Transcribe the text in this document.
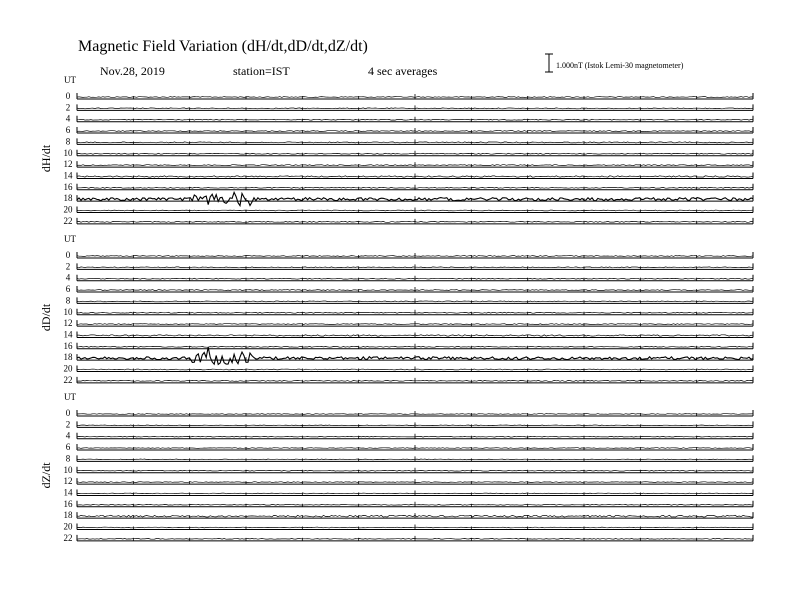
Magnetic Field Variation (dH/dt,dD/dt,dZ/dt)
Nov.28, 2019	station=IST	4 sec averages	1.000nT (Istok Lemi-30 magnetometer)
UT
dH/dt
0
2
4
6
8
10
12
14
16
18
20
22
UT
dD/dt
0
2
4
6
8
10
12
14
16
18
20
22
UT
dZ/dt
0
2
4
6
8
10
12
14
16
18
20
22
